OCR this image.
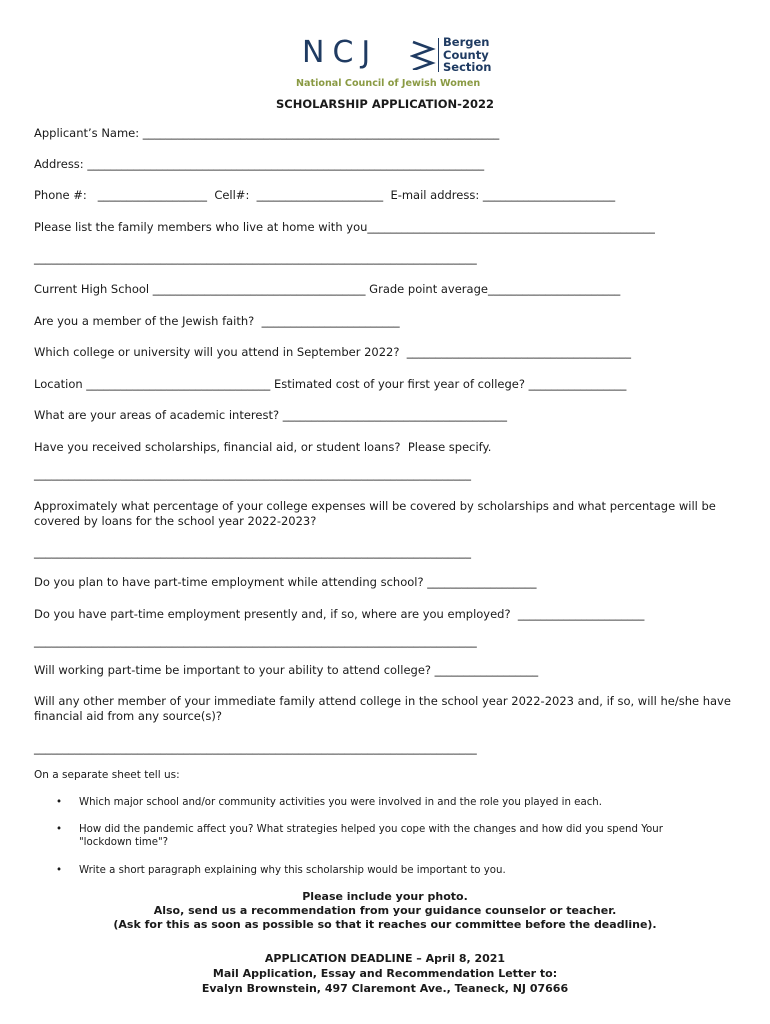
NCJ	Bergen
County
Section
National Council of Jewish Women
SCHOLARSHIP APPLICATION-2022
Applicant’s Name: ______________________________________________________________
Address: _____________________________________________________________________
Phone #:   ___________________  Cell#:  ______________________  E-mail address: _______________________
Please list the family members who live at home with you__________________________________________________
_____________________________________________________________________________
Current High School _____________________________________ Grade point average_______________________
Are you a member of the Jewish faith?  ________________________
Which college or university will you attend in September 2022?  _______________________________________
Location ________________________________ Estimated cost of your first year of college? _________________
What are your areas of academic interest? _______________________________________
Have you received scholarships, financial aid, or student loans?  Please specify.
____________________________________________________________________________
Approximately what percentage of your college expenses will be covered by scholarships and what percentage will be covered by loans for the school year 2022-2023?
____________________________________________________________________________
Do you plan to have part-time employment while attending school? ___________________
Do you have part-time employment presently and, if so, where are you employed?  ______________________
_____________________________________________________________________________
Will working part-time be important to your ability to attend college? __________________
Will any other member of your immediate family attend college in the school year 2022-2023 and, if so, will he/she have financial aid from any source(s)?
_____________________________________________________________________________
On a separate sheet tell us:
• Which major school and/or community activities you were involved in and the role you played in each.
• How did the pandemic affect you? What strategies helped you cope with the changes and how did you spend Your "lockdown time"?
• Write a short paragraph explaining why this scholarship would be important to you.
Please include your photo.
Also, send us a recommendation from your guidance counselor or teacher.
(Ask for this as soon as possible so that it reaches our committee before the deadline).
APPLICATION DEADLINE – April 8, 2021
Mail Application, Essay and Recommendation Letter to:
Evalyn Brownstein, 497 Claremont Ave., Teaneck, NJ 07666
